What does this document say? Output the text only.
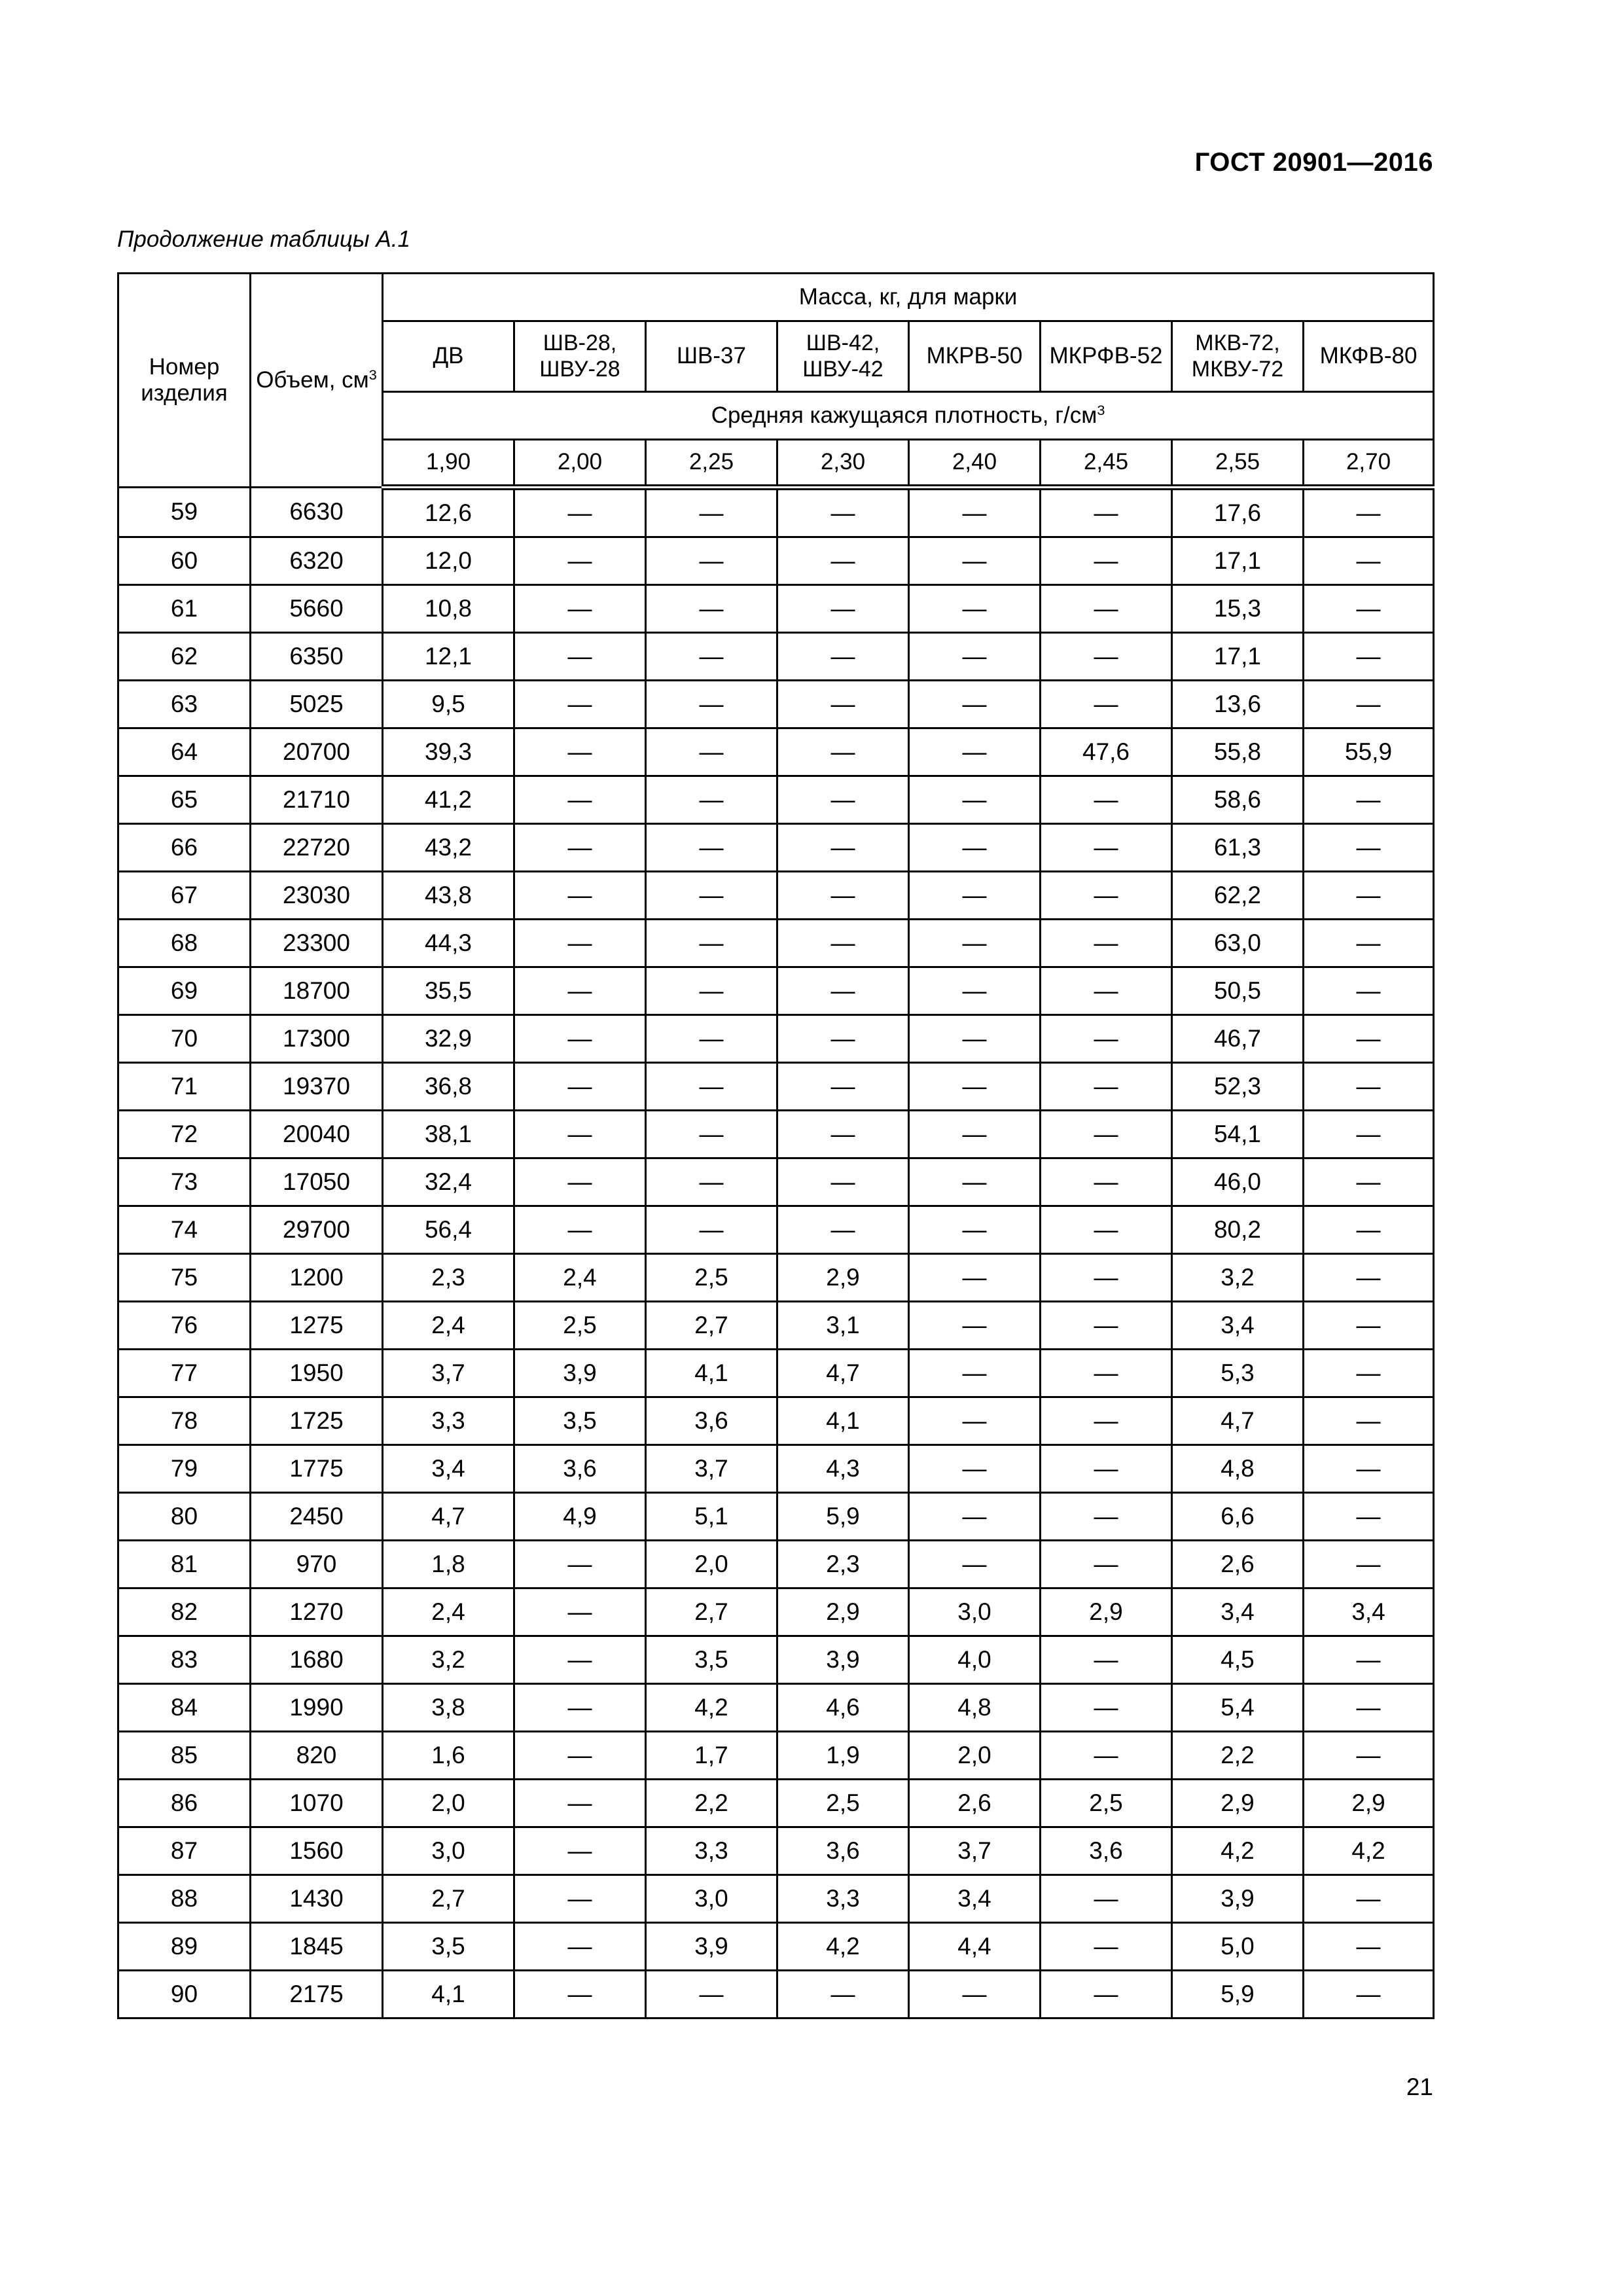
ГОСТ 20901—2016
Продолжение таблицы А.1
Номер изделия	Объем, $см^3$	Масса, кг, для марки							
		ДВ	ШВ-28, ШВУ-28	ШВ-37	ШВ-42, ШВУ-42	МКРВ-50	МКРФВ-52	МКВ-72, МКВУ-72	МКФВ-80
		Средняя кажущаяся плотность, $г/см^3$
		1,90	2,00	2,25	2,30	2,40	2,45	2,55	2,70
59	6630	12,6	—	—	—	—	—	17,6	—
60	6320	12,0	—	—	—	—	—	17,1	—
61	5660	10,8	—	—	—	—	—	15,3	—
62	6350	12,1	—	—	—	—	—	17,1	—
63	5025	9,5	—	—	—	—	—	13,6	—
64	20700	39,3	—	—	—	—	47,6	55,8	55,9
65	21710	41,2	—	—	—	—	—	58,6	—
66	22720	43,2	—	—	—	—	—	61,3	—
67	23030	43,8	—	—	—	—	—	62,2	—
68	23300	44,3	—	—	—	—	—	63,0	—
69	18700	35,5	—	—	—	—	—	50,5	—
70	17300	32,9	—	—	—	—	—	46,7	—
71	19370	36,8	—	—	—	—	—	52,3	—
72	20040	38,1	—	—	—	—	—	54,1	—
73	17050	32,4	—	—	—	—	—	46,0	—
74	29700	56,4	—	—	—	—	—	80,2	—
75	1200	2,3	2,4	2,5	2,9	—	—	3,2	—
76	1275	2,4	2,5	2,7	3,1	—	—	3,4	—
77	1950	3,7	3,9	4,1	4,7	—	—	5,3	—
78	1725	3,3	3,5	3,6	4,1	—	—	4,7	—
79	1775	3,4	3,6	3,7	4,3	—	—	4,8	—
80	2450	4,7	4,9	5,1	5,9	—	—	6,6	—
81	970	1,8	—	2,0	2,3	—	—	2,6	—
82	1270	2,4	—	2,7	2,9	3,0	2,9	3,4	3,4
83	1680	3,2	—	3,5	3,9	4,0	—	4,5	—
84	1990	3,8	—	4,2	4,6	4,8	—	5,4	—
85	820	1,6	—	1,7	1,9	2,0	—	2,2	—
86	1070	2,0	—	2,2	2,5	2,6	2,5	2,9	2,9
87	1560	3,0	—	3,3	3,6	3,7	3,6	4,2	4,2
88	1430	2,7	—	3,0	3,3	3,4	—	3,9	—
89	1845	3,5	—	3,9	4,2	4,4	—	5,0	—
90	2175	4,1	—	—	—	—	—	5,9	—
21
